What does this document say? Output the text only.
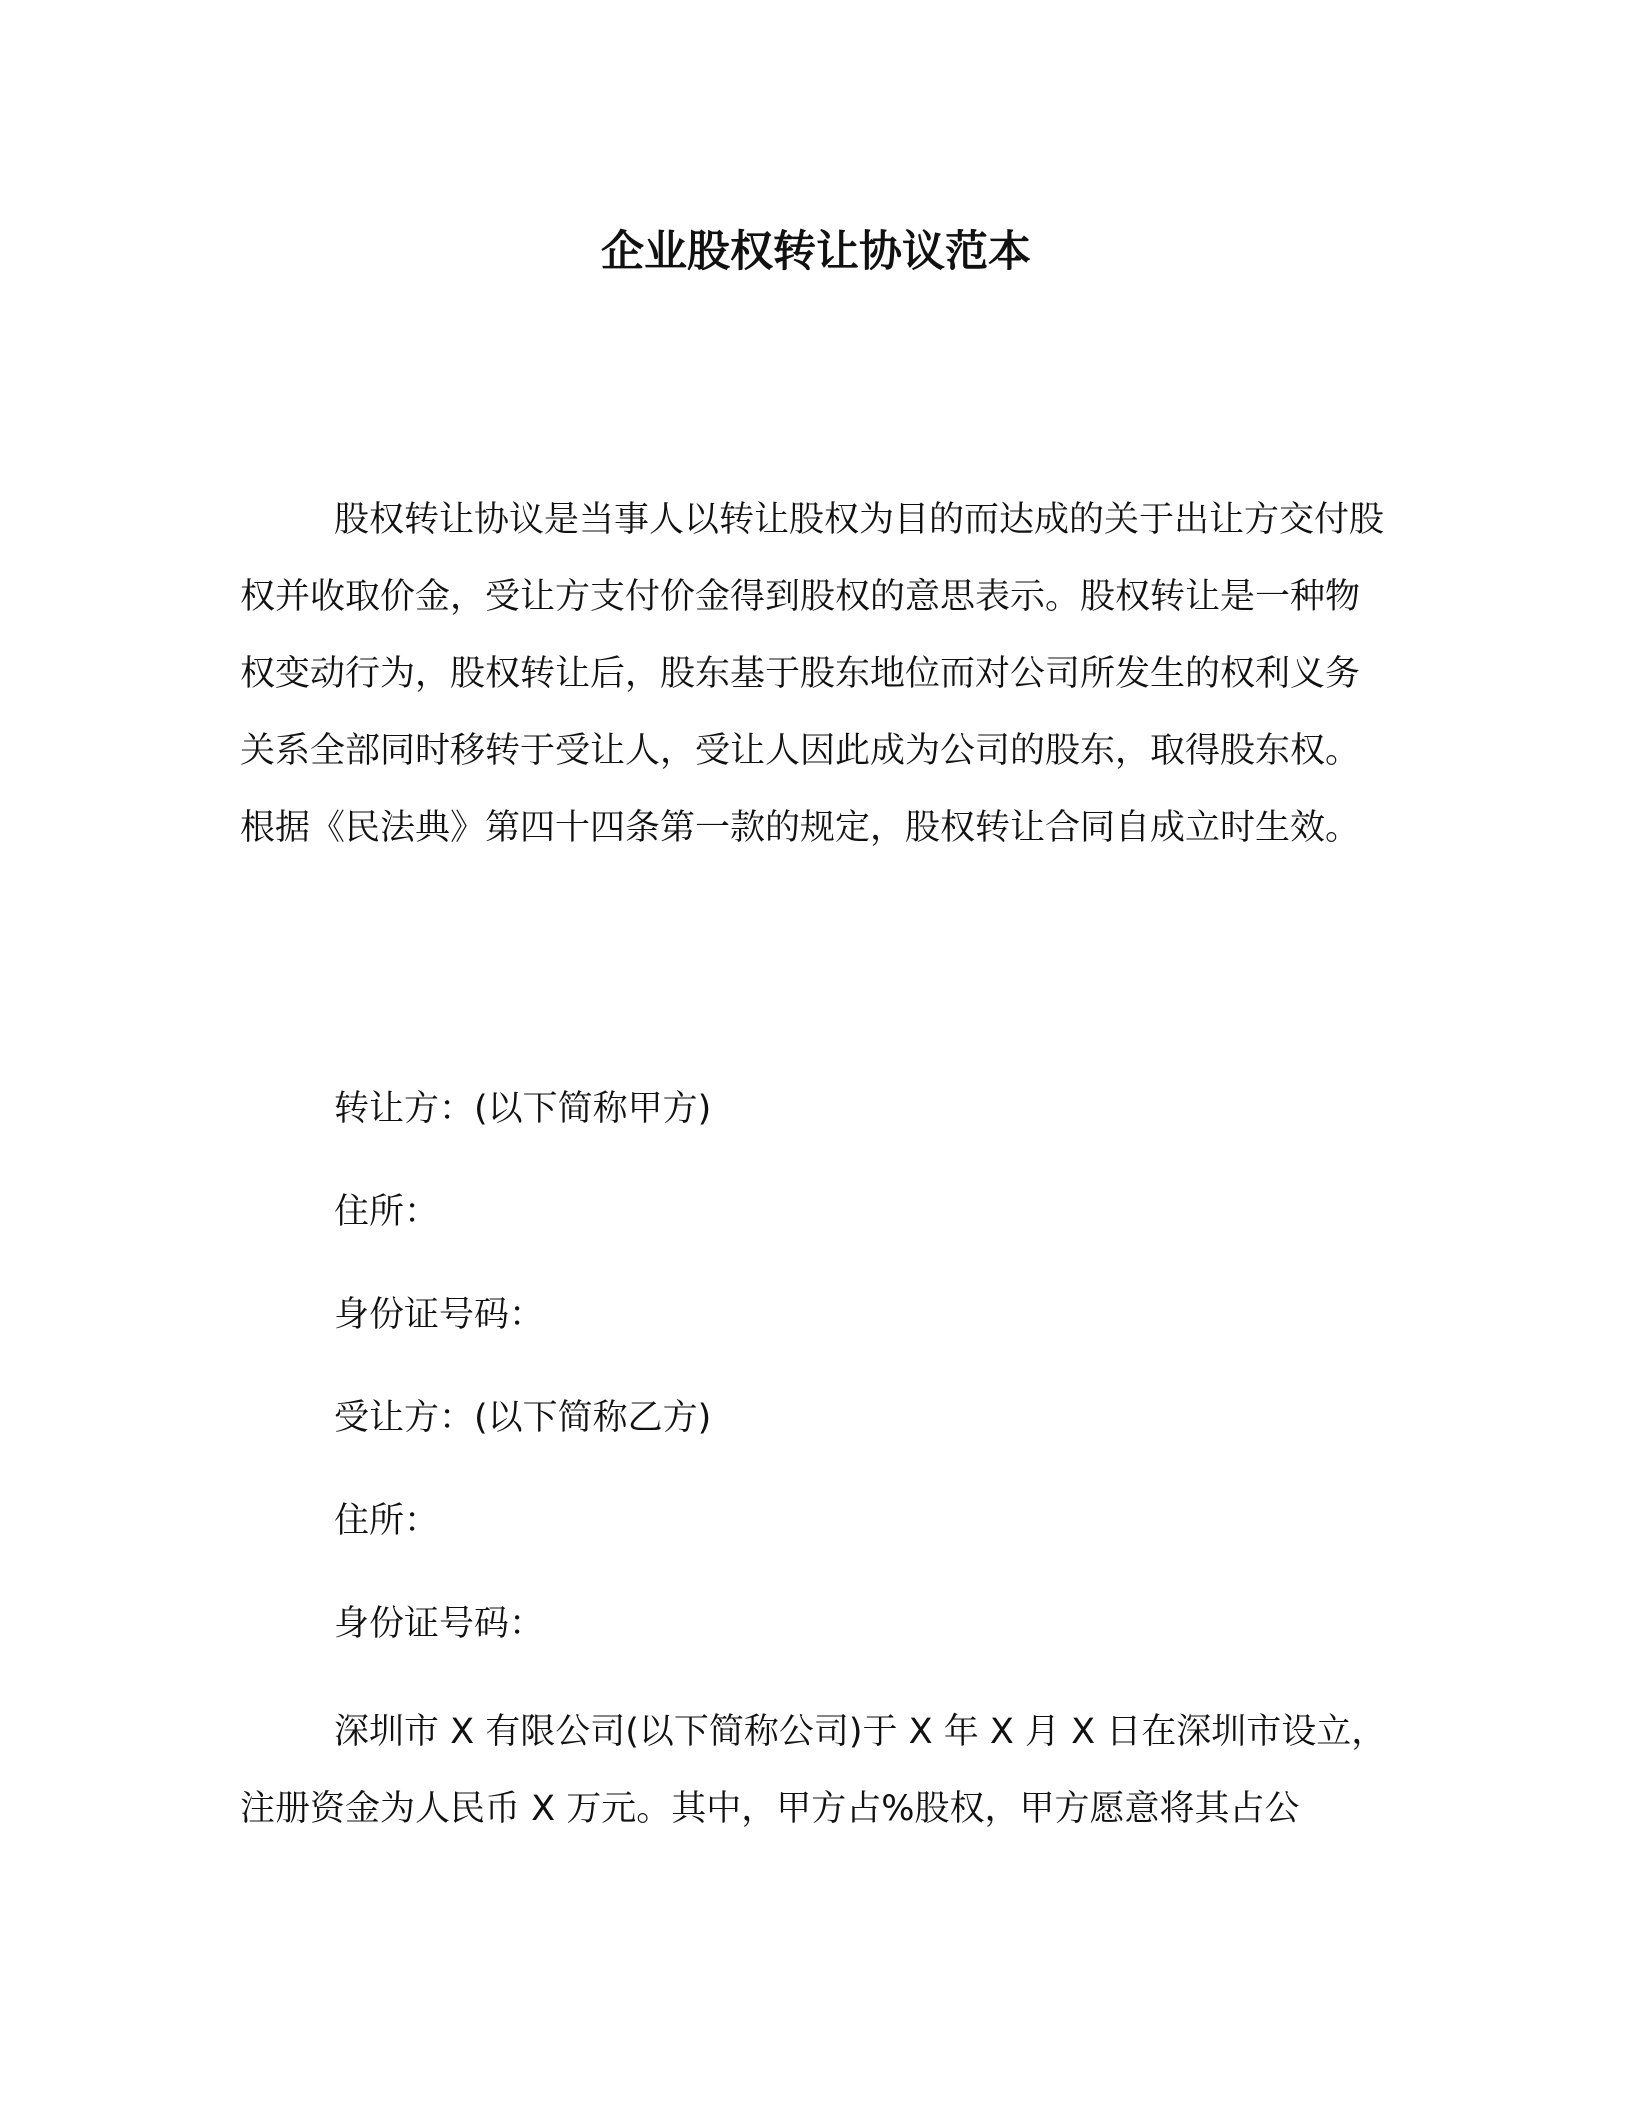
企业股权转让协议范本

股权转让协议是当事人以转让股权为目的而达成的关于出让方交付股权并收取价金，受让方支付价金得到股权的意思表示。股权转让是一种物权变动行为，股权转让后，股东基于股东地位而对公司所发生的权利义务关系全部同时移转于受让人，受让人因此成为公司的股东，取得股东权。根据《民法典》第四十四条第一款的规定，股权转让合同自成立时生效。

转让方：(以下简称甲方)
住所：
身份证号码：
受让方：(以下简称乙方)
住所：
身份证号码：

深圳市 X 有限公司(以下简称公司)于 X 年 X 月 X 日在深圳市设立，注册资金为人民币 X 万元。其中，甲方占%股权，甲方愿意将其占公
